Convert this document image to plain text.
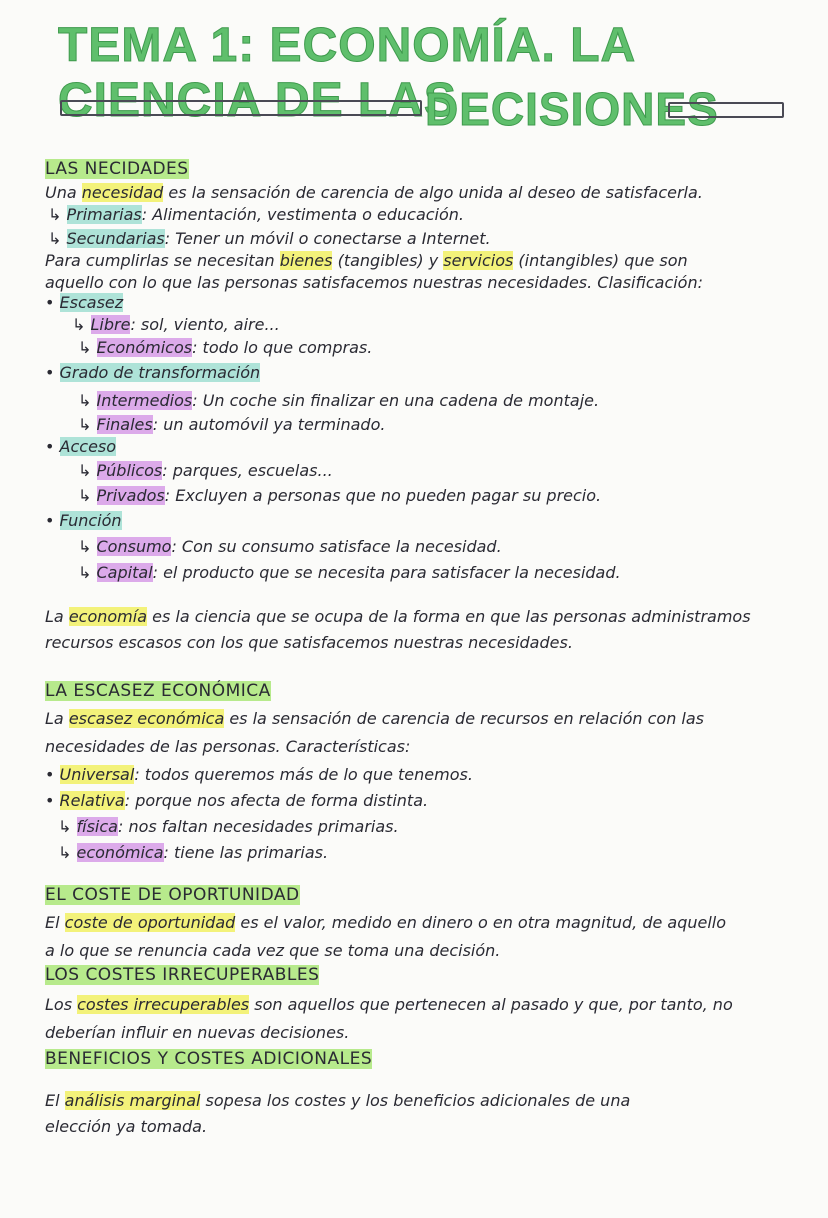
TEMA 1: ECONOMÍA. LA CIENCIA DE LAS
DECISIONES
LAS NECIDADES
Una necesidad es la sensación de carencia de algo unida al deseo de satisfacerla.
↳ Primarias: Alimentación, vestimenta o educación.
↳ Secundarias: Tener un móvil o conectarse a Internet.
Para cumplirlas se necesitan bienes (tangibles) y servicios (intangibles) que son
aquello con lo que las personas satisfacemos nuestras necesidades. Clasificación:
• Escasez
↳ Libre: sol, viento, aire...
↳ Económicos: todo lo que compras.
• Grado de transformación
↳ Intermedios: Un coche sin finalizar en una cadena de montaje.
↳ Finales: un automóvil ya terminado.
• Acceso
↳ Públicos: parques, escuelas...
↳ Privados: Excluyen a personas que no pueden pagar su precio.
• Función
↳ Consumo: Con su consumo satisface la necesidad.
↳ Capital: el producto que se necesita para satisfacer la necesidad.
La economía es la ciencia que se ocupa de la forma en que las personas administramos
recursos escasos con los que satisfacemos nuestras necesidades.
LA ESCASEZ ECONÓMICA
La escasez económica es la sensación de carencia de recursos en relación con las
necesidades de las personas. Características:
• Universal: todos queremos más de lo que tenemos.
• Relativa: porque nos afecta de forma distinta.
↳ física: nos faltan necesidades primarias.
↳ económica: tiene las primarias.
EL COSTE DE OPORTUNIDAD
El coste de oportunidad es el valor, medido en dinero o en otra magnitud, de aquello
a lo que se renuncia cada vez que se toma una decisión.
LOS COSTES IRRECUPERABLES
Los costes irrecuperables son aquellos que pertenecen al pasado y que, por tanto, no
deberían influir en nuevas decisiones.
BENEFICIOS Y COSTES ADICIONALES
El análisis marginal sopesa los costes y los beneficios adicionales de una
elección ya tomada.
